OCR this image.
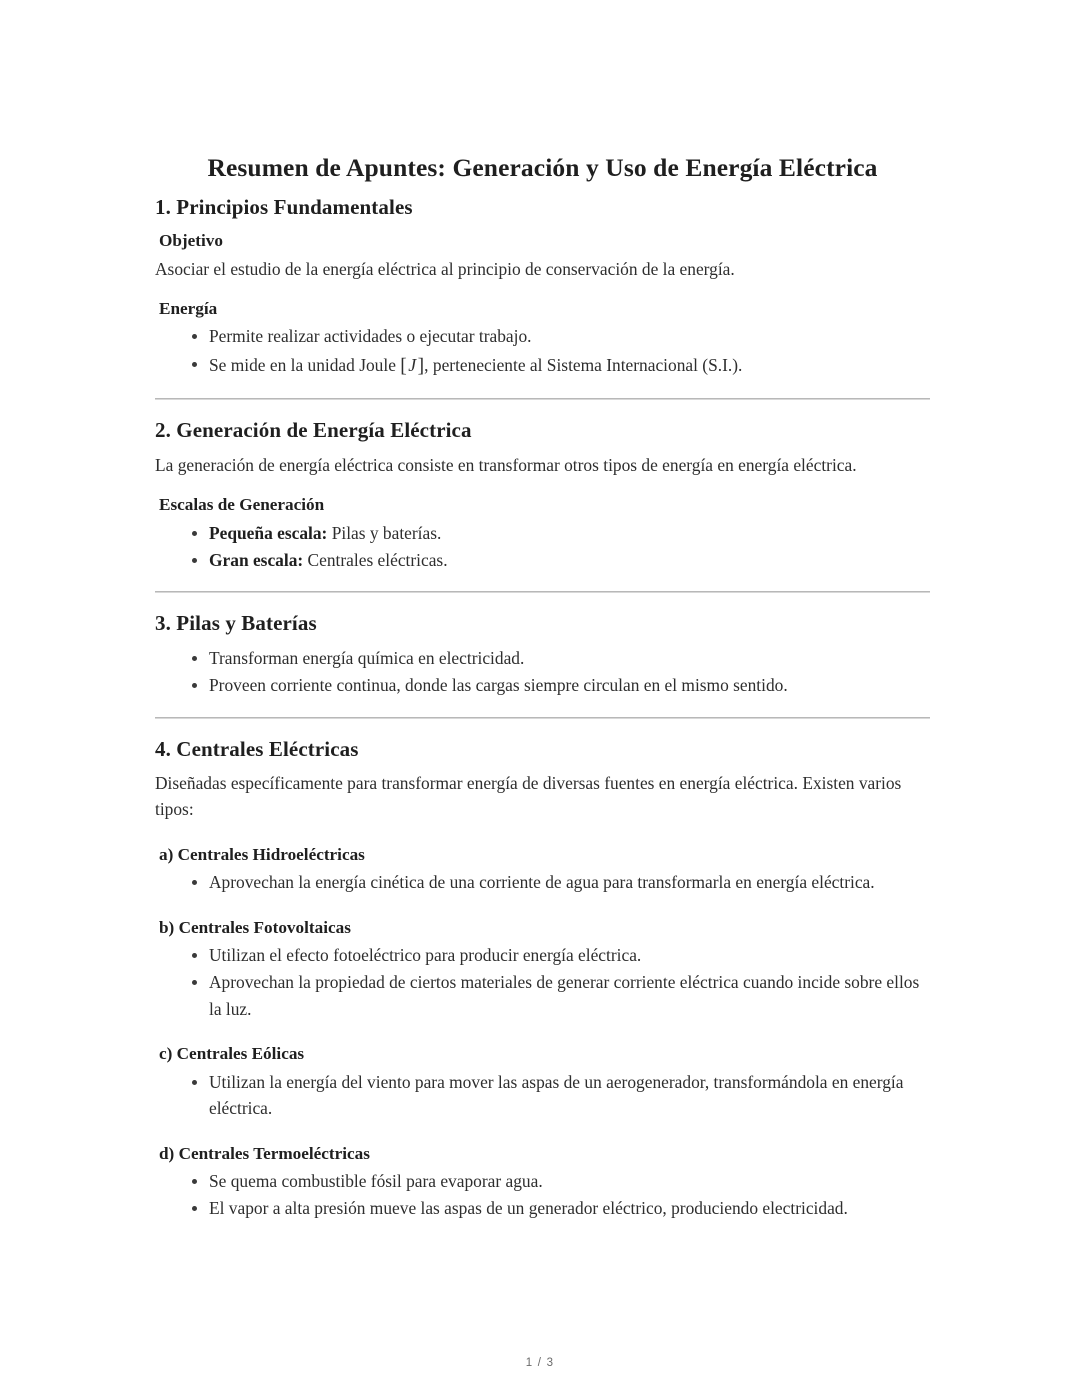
Resumen de Apuntes: Generación y Uso de Energía Eléctrica
1. Principios Fundamentales
Objetivo

Asociar el estudio de la energía eléctrica al principio de conservación de la energía.

Energía
Permite realizar actividades o ejecutar trabajo.
Se mide en la unidad Joule [J], perteneciente al Sistema Internacional (S.I.).
2. Generación de Energía Eléctrica

La generación de energía eléctrica consiste en transformar otros tipos de energía en energía eléctrica.

Escalas de Generación
Pequeña escala: Pilas y baterías.
Gran escala: Centrales eléctricas.
3. Pilas y Baterías
Transforman energía química en electricidad.
Proveen corriente continua, donde las cargas siempre circulan en el mismo sentido.
4. Centrales Eléctricas

Diseñadas específicamente para transformar energía de diversas fuentes en energía eléctrica. Existen varios tipos:

a) Centrales Hidroeléctricas
Aprovechan la energía cinética de una corriente de agua para transformarla en energía eléctrica.
b) Centrales Fotovoltaicas
Utilizan el efecto fotoeléctrico para producir energía eléctrica.
Aprovechan la propiedad de ciertos materiales de generar corriente eléctrica cuando incide sobre ellos la luz.
c) Centrales Eólicas
Utilizan la energía del viento para mover las aspas de un aerogenerador, transformándola en energía eléctrica.
d) Centrales Termoeléctricas
Se quema combustible fósil para evaporar agua.
El vapor a alta presión mueve las aspas de un generador eléctrico, produciendo electricidad.
1 / 3
